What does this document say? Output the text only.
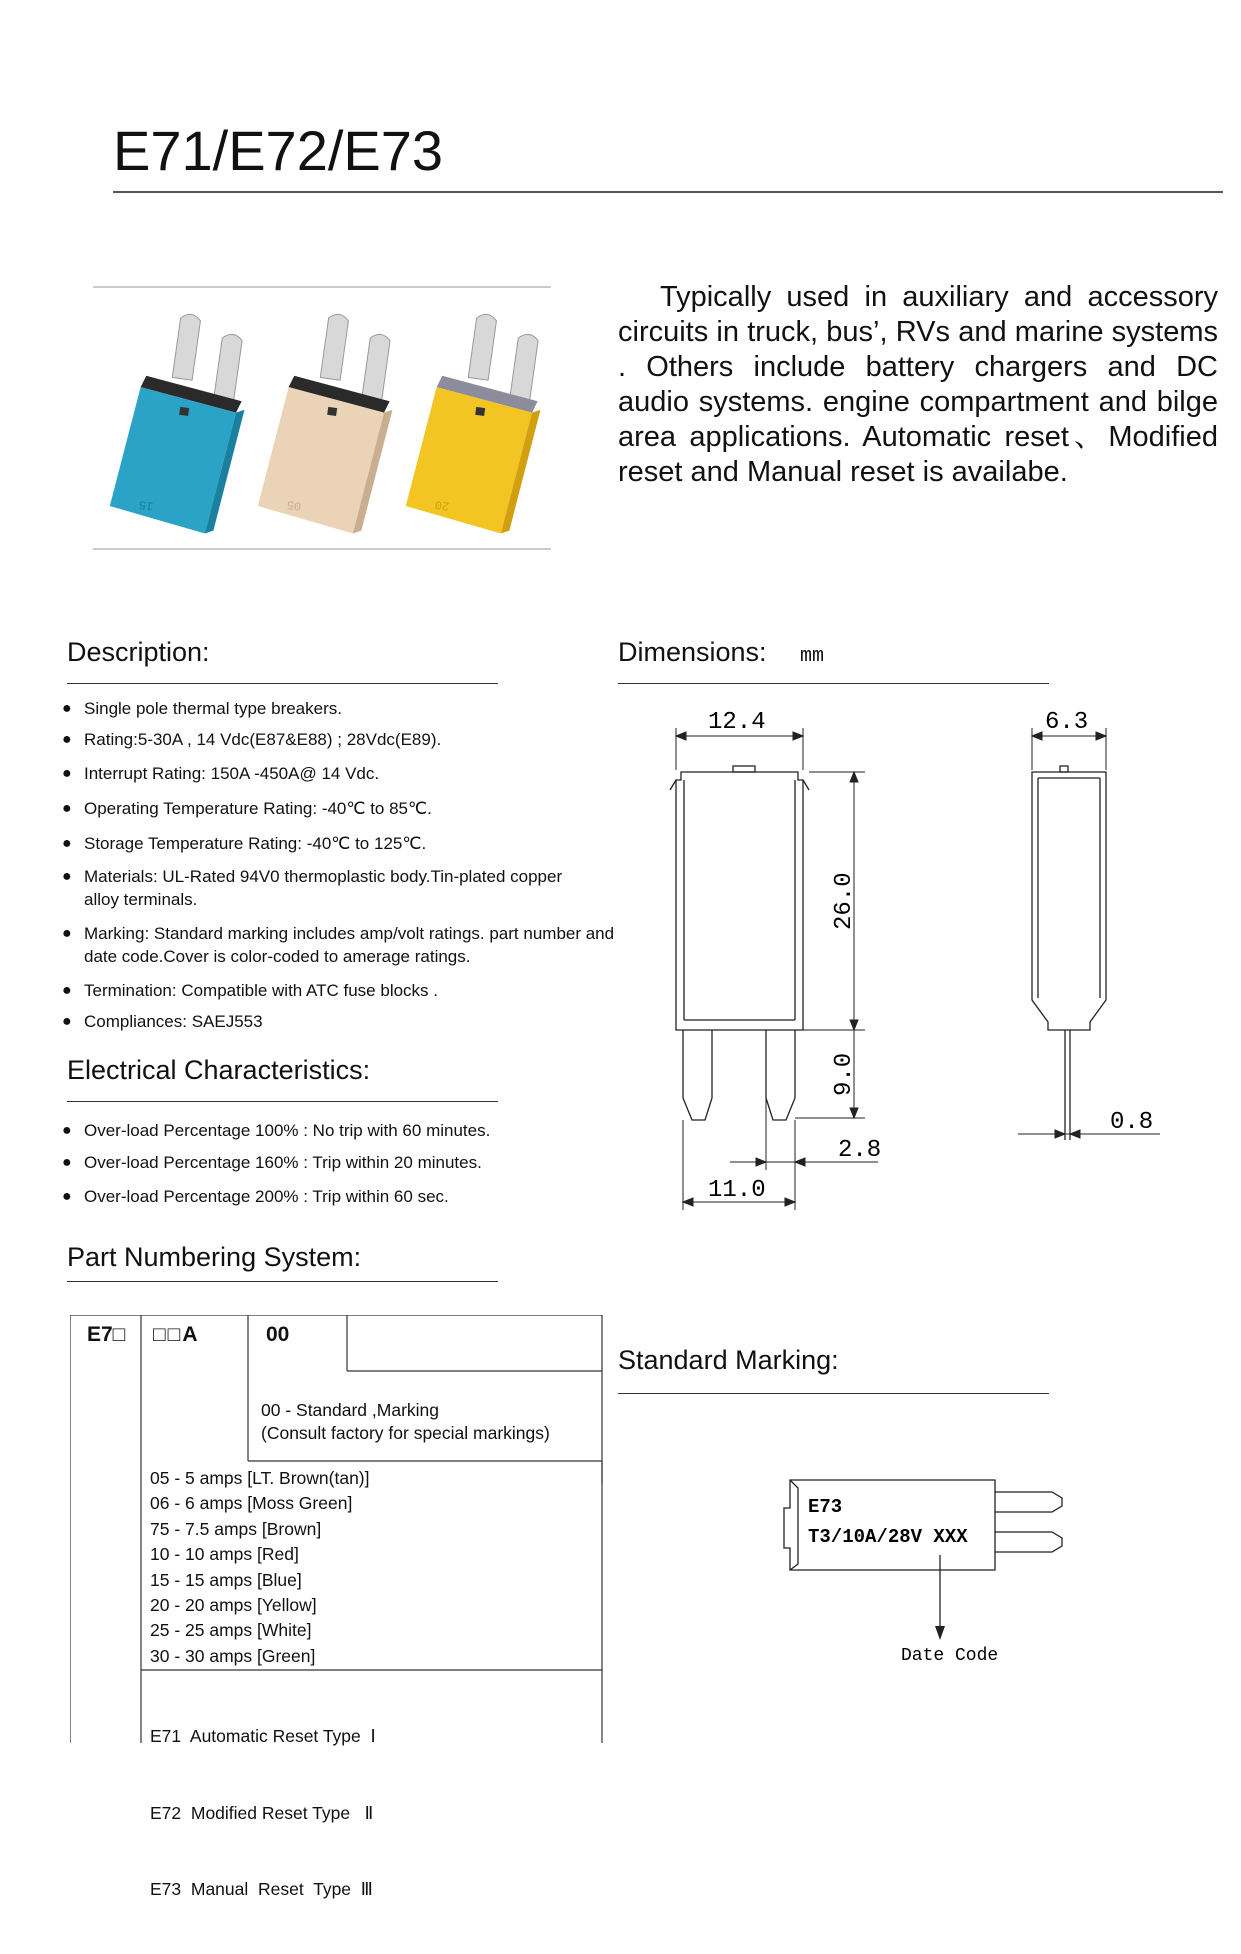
E71/E72/E73
15	05	20
Typically used in auxiliary and accessory circuits in truck, bus’, RVs and marine systems . Others include battery chargers and DC audio systems. engine compartment and bilge area applications. Automatic reset、Modified reset and Manual reset is availabe.
Description:
● Single pole thermal type breakers.
● Rating:5-30A , 14 Vdc(E87&E88) ; 28Vdc(E89).
● Interrupt Rating: 150A -450A@ 14 Vdc.
● Operating Temperature Rating: -40℃ to 85℃.
● Storage Temperature Rating: -40℃ to 125℃.
● Materials: UL-Rated 94V0 thermoplastic body.Tin-plated copper alloy terminals.
● Marking: Standard marking includes amp/volt ratings. part number and date code.Cover is color-coded to amerage ratings.
● Termination: Compatible with ATC fuse blocks .
● Compliances: SAEJ553
Electrical Characteristics:
● Over-load Percentage 100% : No trip with 60 minutes.
● Over-load Percentage 160% : Trip within 20 minutes.
● Over-load Percentage 200% : Trip within 60 sec.
Part Numbering System:
E7□ □□A	00
00 - Standard ,Marking
(Consult factory for special markings)
05 - 5 amps [LT. Brown(tan)]
06 - 6 amps [Moss Green]
75 - 7.5 amps [Brown]
10 - 10 amps [Red]
15 - 15 amps [Blue]
20 - 20 amps [Yellow]
25 - 25 amps [White]
30 - 30 amps [Green]

E71  Automatic Reset Type  Ⅰ

E72  Modified Reset Type   Ⅱ

E73  Manual  Reset  Type  Ⅲ

Dimensions: mm
12.4	6.3
26.0
9.0
2.8
11.0
0.8
Standard Marking:
E73
T3/10A/28V XXX
Date Code
